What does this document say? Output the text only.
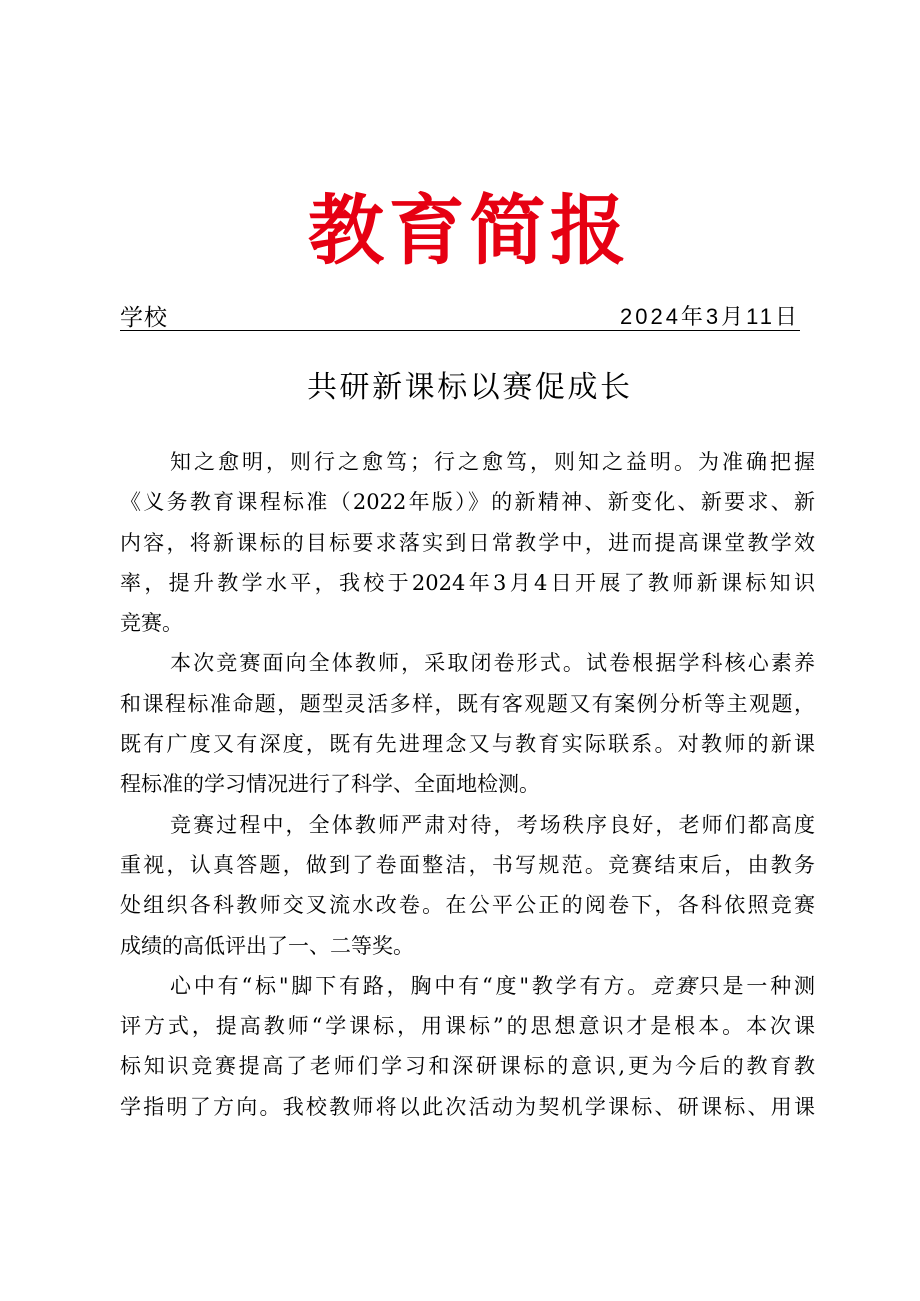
教育简报
学校	2024年3月11日
共研新课标以赛促成长
知之愈明，则行之愈笃；行之愈笃，则知之益明。为准确把握
《义务教育课程标准（2022年版）》的新精神、新变化、新要求、新
内容，将新课标的目标要求落实到日常教学中，进而提高课堂教学效
率，提升教学水平，我校于2024年3月4日开展了教师新课标知识
竞赛。
本次竞赛面向全体教师，采取闭卷形式。试卷根据学科核心素养
和课程标准命题，题型灵活多样，既有客观题又有案例分析等主观题，
既有广度又有深度，既有先进理念又与教育实际联系。对教师的新课
程标准的学习情况进行了科学、全面地检测。
竞赛过程中，全体教师严肃对待，考场秩序良好，老师们都高度
重视，认真答题，做到了卷面整洁，书写规范。竞赛结束后，由教务
处组织各科教师交叉流水改卷。在公平公正的阅卷下，各科依照竞赛
成绩的高低评出了一、二等奖。
心中有“标"脚下有路，胸中有“度"教学有方。竞赛只是一种测
评方式，提高教师“学课标，用课标”的思想意识才是根本。本次课
标知识竞赛提高了老师们学习和深研课标的意识,更为今后的教育教
学指明了方向。我校教师将以此次活动为契机学课标、研课标、用课
